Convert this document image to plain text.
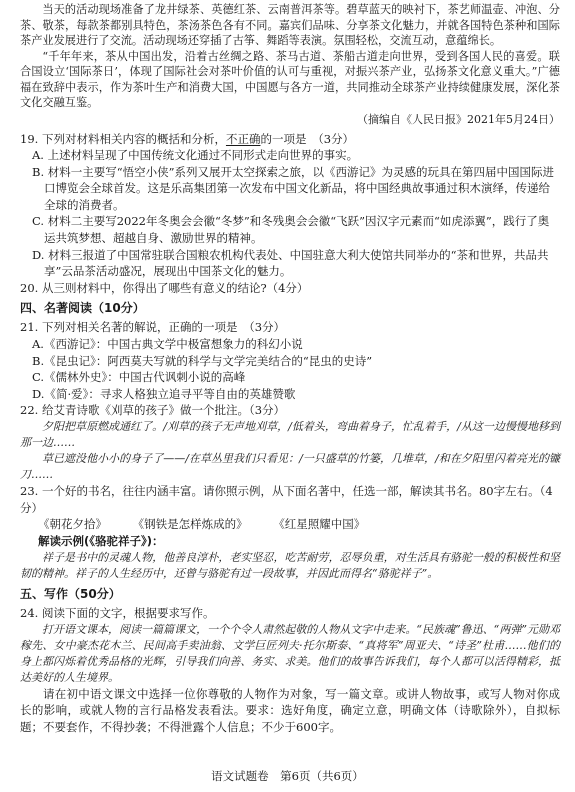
当天的活动现场准备了龙井绿茶、英德红茶、云南普洱茶等。碧草蓝天的映衬下，茶艺师温壶、冲泡、分茶、敬茶，每款茶都别具特色，茶汤茶色各有不同。嘉宾们品味、分享茶文化魅力，并就各国特色茶种和国际茶产业发展进行了交流。活动现场还穿插了古筝、舞蹈等表演。氛围轻松，交流互动，意蕴绵长。

“千年年来，茶从中国出发，沿着古丝绸之路、茶马古道、茶船古道走向世界，受到各国人民的喜爱。联合国设立‘国际茶日’，体现了国际社会对茶叶价值的认可与重视，对振兴茶产业，弘扬茶文化意义重大。”广德福在致辞中表示，作为茶叶生产和消费大国，中国愿与各方一道，共同推动全球茶产业持续健康发展，深化茶文化交融互鉴。

（摘编自《人民日报》2021年5月24日）

19. 下列对材料相关内容的概括和分析，不正确的一项是　（3分）

A. 上述材料呈现了中国传统文化通过不同形式走向世界的事实。

B. 材料一主要写“悟空小侠”系列又展开太空探索之旅，以《西游记》为灵感的玩具在第四届中国国际进口博览会全球首发。这是乐高集团第一次发布中国文化新品，将中国经典故事通过积木演绎，传递给全球的消费者。

C. 材料二主要写2022年冬奥会会徽“冬梦”和冬残奥会会徽“飞跃”因汉字元素而“如虎添翼”，践行了奥运共筑梦想、超越自身、激励世界的精神。

D. 材料三报道了中国常驻联合国粮农机构代表处、中国驻意大利大使馆共同举办的“茶和世界，共品共享”云品茶活动盛况，展现出中国茶文化的魅力。

20. 从三则材料中，你得出了哪些有意义的结论?（4分）

四、名著阅读（10分）

21. 下列对相关名著的解说，正确的一项是　（3分）

A.《西游记》：中国古典文学中极富想象力的科幻小说

B.《昆虫记》：阿西莫夫写就的科学与文学完美结合的“昆虫的史诗”

C.《儒林外史》：中国古代讽刺小说的高峰

D.《简·爱》：寻求人格独立追寻平等自由的英雄赞歌

22. 给艾青诗歌《刈草的孩子》做一个批注。（3分）

夕阳把草原燃成通红了。/刈草的孩子无声地刈草，/低着头，弯曲着身子，忙乱着手，/从这一边慢慢地移到那一边……

草已遮没他小小的身子了——/在草丛里我们只看见：/一只盛草的竹篓，几堆草，/和在夕阳里闪着亮光的镰刀……

23. 一个好的书名，往往内涵丰富。请你照示例，从下面名著中，任选一部，解读其书名。80字左右。（4分）

《朝花夕拾》 《钢铁是怎样炼成的》 《红星照耀中国》

解读示例(《骆驼祥子》)：

祥子是书中的灵魂人物，他善良淳朴，老实坚忍，吃苦耐劳，忍辱负重，对生活具有骆驼一般的积极性和坚韧的精神。祥子的人生经历中，还曾与骆驼有过一段故事，并因此而得名“骆驼祥子”。

五、写作（50分）

24. 阅读下面的文字，根据要求写作。

打开语文课本，阅读一篇篇课文，一个个令人肃然起敬的人物从文字中走来。“民族魂”鲁迅、“两弹”元勋邓稼先、女中豪杰花木兰、民间高手卖油翁、文学巨匠列夫·托尔斯泰、“真将军”周亚夫、“诗圣”杜甫……他们的身上都闪烁着优秀品格的光辉，引导我们向善、务实、求美。他们的故事告诉我们，每个人都可以活得精彩，抵达美好的人生境界。

请在初中语文课文中选择一位你尊敬的人物作为对象，写一篇文章。或讲人物故事，或写人物对你成长的影响，或就人物的言行品格发表看法。要求：选好角度，确定立意，明确文体（诗歌除外），自拟标题；不要套作，不得抄袭；不得泄露个人信息；不少于600字。

语文试题卷　第6页（共6页）
